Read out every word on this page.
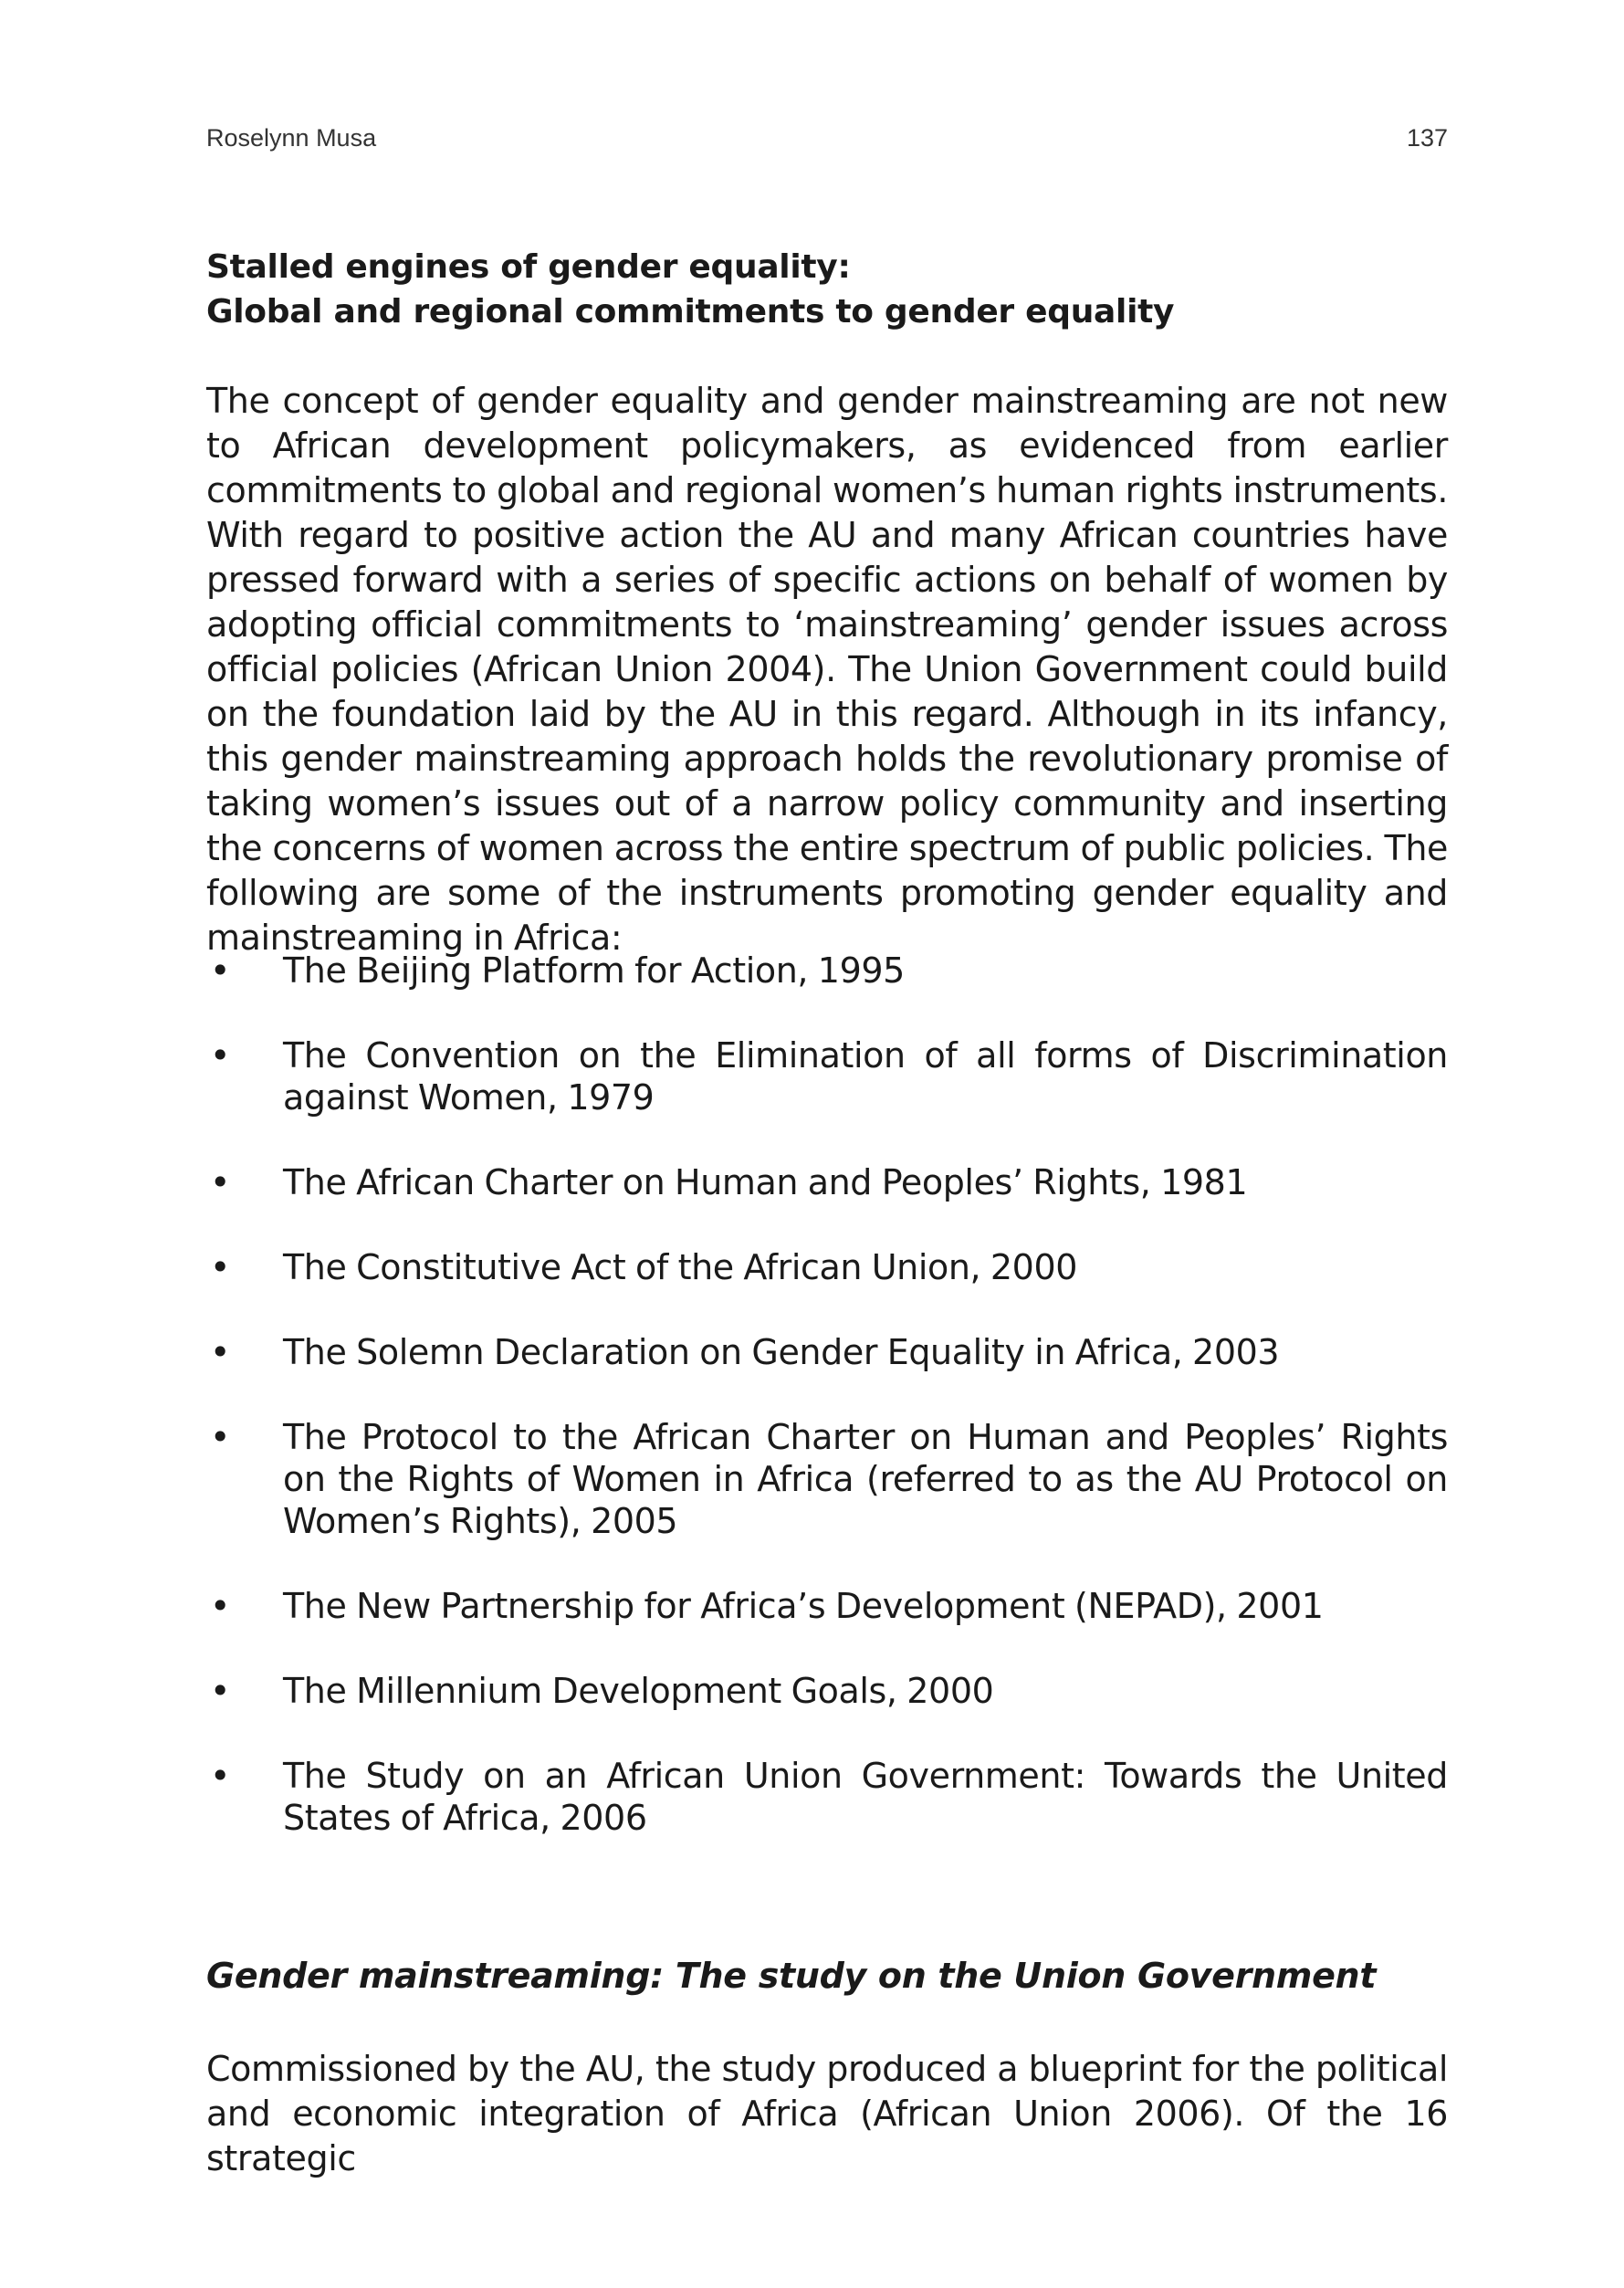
Roselynn Musa	137
Stalled engines of gender equality:
Global and regional commitments to gender equality

The concept of gender equality and gender mainstreaming are not new to African development policymakers, as evidenced from earlier commitments to global and regional women’s human rights instruments. With regard to positive action the AU and many African countries have pressed forward with a series of specific actions on behalf of women by adopting official commitments to ‘mainstreaming’ gender issues across official policies (African Union 2004). The Union Government could build on the foundation laid by the AU in this regard. Although in its infancy, this gender mainstreaming approach holds the revolutionary promise of taking women’s issues out of a narrow policy community and inserting the concerns of women across the entire spectrum of public policies. The following are some of the instruments promoting gender equality and mainstreaming in Africa:

• The Beijing Platform for Action, 1995
• The Convention on the Elimination of all forms of Discrimination against Women, 1979
• The African Charter on Human and Peoples’ Rights, 1981
• The Constitutive Act of the African Union, 2000
• The Solemn Declaration on Gender Equality in Africa, 2003
• The Protocol to the African Charter on Human and Peoples’ Rights on the Rights of Women in Africa (referred to as the AU Protocol on Women’s Rights), 2005
• The New Partnership for Africa’s Development (NEPAD), 2001
• The Millennium Development Goals, 2000
• The Study on an African Union Government: Towards the United States of Africa, 2006
Gender mainstreaming: The study on the Union Government

Commissioned by the AU, the study produced a blueprint for the political and economic integration of Africa (African Union 2006). Of the 16 strategic
